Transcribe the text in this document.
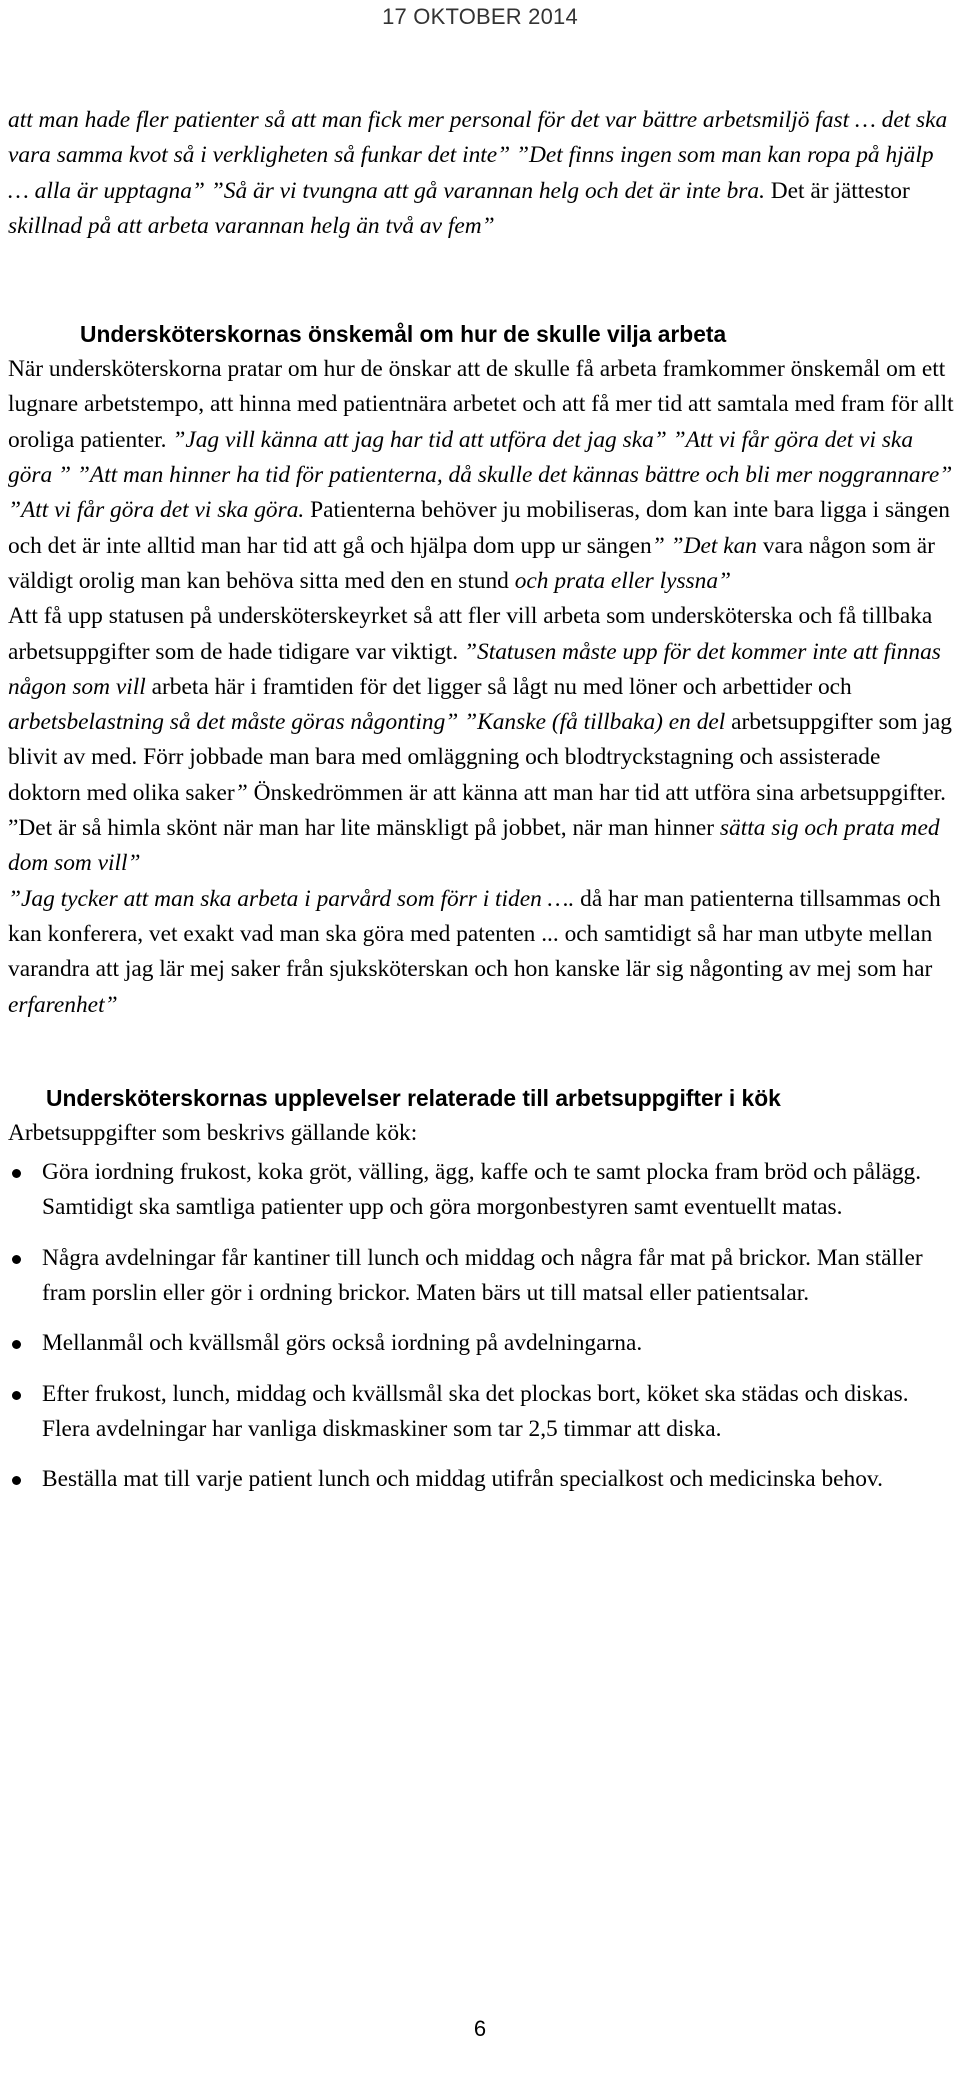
17 OKTOBER 2014

att man hade fler patienter så att man fick mer personal för det var bättre arbetsmiljö fast … det ska vara samma kvot så i verkligheten så funkar det inte” ”Det finns ingen som man kan ropa på hjälp … alla är upptagna” ”Så är vi tvungna att gå varannan helg och det är inte bra. Det är jättestor skillnad på att arbeta varannan helg än två av fem”

Undersköterskornas önskemål om hur de skulle vilja arbeta

När undersköterskorna pratar om hur de önskar att de skulle få arbeta framkommer önskemål om ett lugnare arbetstempo, att hinna med patientnära arbetet och att få mer tid att samtala med fram för allt oroliga patienter. ”Jag vill känna att jag har tid att utföra det jag ska” ”Att vi får göra det vi ska göra ” ”Att man hinner ha tid för patienterna, då skulle det kännas bättre och bli mer noggrannare” ”Att vi får göra det vi ska göra. Patienterna behöver ju mobiliseras, dom kan inte bara ligga i sängen och det är inte alltid man har tid att gå och hjälpa dom upp ur sängen” ”Det kan vara någon som är väldigt orolig man kan behöva sitta med den en stund och prata eller lyssna”

Att få upp statusen på undersköterskeyrket så att fler vill arbeta som undersköterska och få tillbaka arbetsuppgifter som de hade tidigare var viktigt. ”Statusen måste upp för det kommer inte att finnas någon som vill arbeta här i framtiden för det ligger så lågt nu med löner och arbettider och arbetsbelastning så det måste göras någonting” ”Kanske (få tillbaka) en del arbetsuppgifter som jag blivit av med. Förr jobbade man bara med omläggning och blodtryckstagning och assisterade doktorn med olika saker” Önskedrömmen är att känna att man har tid att utföra sina arbetsuppgifter. ”Det är så himla skönt när man har lite mänskligt på jobbet, när man hinner sätta sig och prata med dom som vill”

”Jag tycker att man ska arbeta i parvård som förr i tiden …. då har man patienterna tillsammas och kan konferera, vet exakt vad man ska göra med patenten ... och samtidigt så har man utbyte mellan varandra att jag lär mej saker från sjuksköterskan och hon kanske lär sig någonting av mej som har erfarenhet”

Undersköterskornas upplevelser relaterade till arbetsuppgifter i kök

Arbetsuppgifter som beskrivs gällande kök:

Göra iordning frukost, koka gröt, välling, ägg, kaffe och te samt plocka fram bröd och pålägg. Samtidigt ska samtliga patienter upp och göra morgonbestyren samt eventuellt matas.
Några avdelningar får kantiner till lunch och middag och några får mat på brickor. Man ställer fram porslin eller gör i ordning brickor. Maten bärs ut till matsal eller patientsalar.
Mellanmål och kvällsmål görs också iordning på avdelningarna.
Efter frukost, lunch, middag och kvällsmål ska det plockas bort, köket ska städas och diskas. Flera avdelningar har vanliga diskmaskiner som tar 2,5 timmar att diska.
Beställa mat till varje patient lunch och middag utifrån specialkost och medicinska behov.
6
